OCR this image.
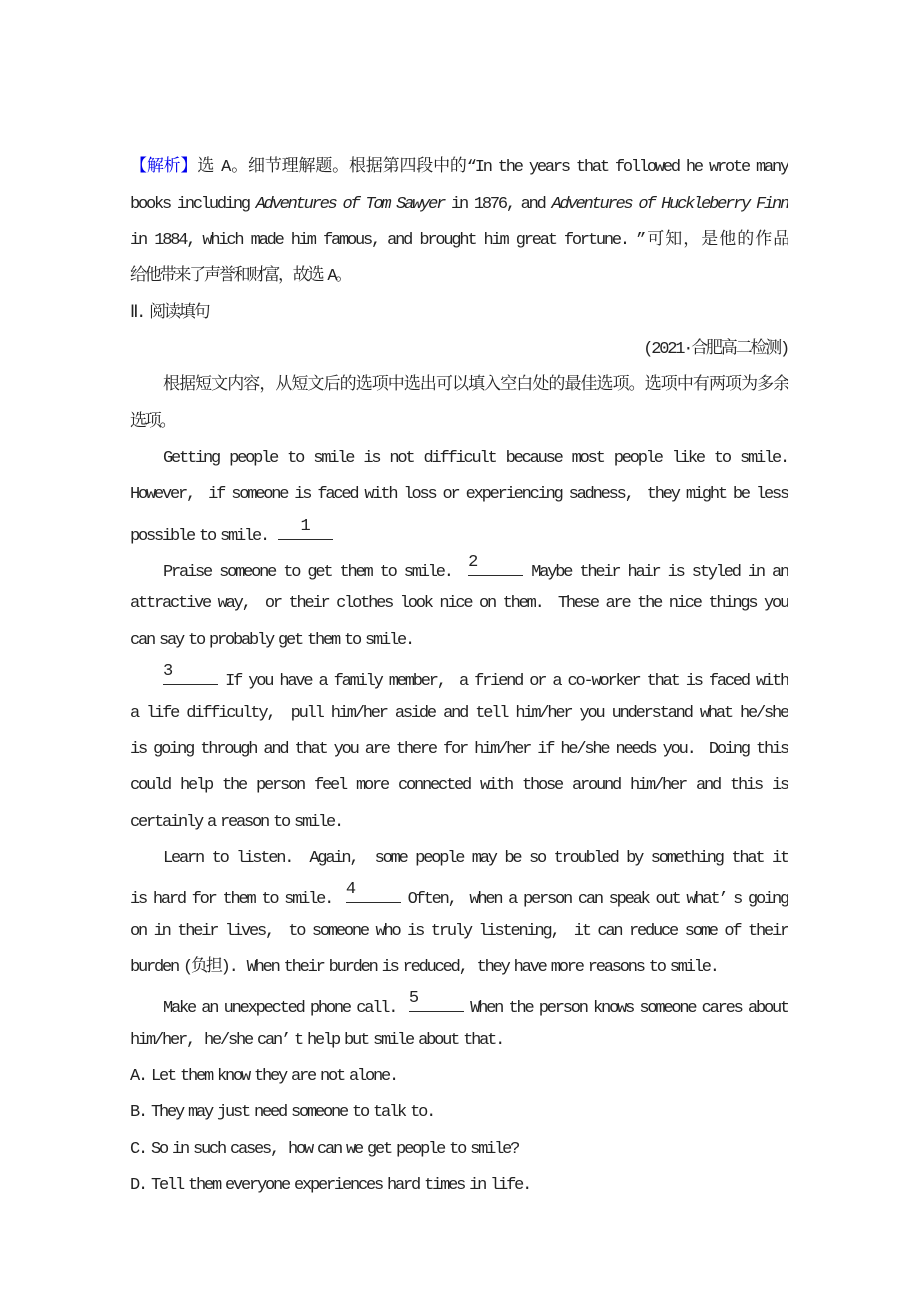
【解析】选 A。细节理解题。根据第四段中的“In the years that followed he wrote many
books including Adventures of Tom Sawyer in 1876, and Adventures of Huckleberry Finn
in 1884, which made him famous, and brought him great fortune. ”可知，是他的作品
给他带来了声誉和财富，故选 A。
Ⅱ. 阅读填句
(2021·合肥高二检测)
根据短文内容，从短文后的选项中选出可以填入空白处的最佳选项。选项中有两项为多余
选项。
Getting people to smile is not difficult because most people like to smile.
However,  if someone is faced with loss or experiencing sadness,  they might be less
possible to smile.  1
Praise someone to get them to smile.  2 Maybe their hair is styled in an
attractive way,  or their clothes look nice on them.  These are the nice things you
can say to probably get them to smile.
3 If you have a family member,  a friend or a co-worker that is faced with
a life difficulty,  pull him/her aside and tell him/her you understand what he/she
is going through and that you are there for him/her if he/she needs you.  Doing this
could help the person feel more connected with those around him/her and this is
certainly a reason to smile.
Learn to listen.  Again,  some people may be so troubled by something that it
is hard for them to smile.  4 Often,  when a person can speak out what’ s going
on in their lives,  to someone who is truly listening,  it can reduce some of their
burden (负担).  When their burden is reduced,  they have more reasons to smile.
Make an unexpected phone call.  5 When the person knows someone cares about
him/her,  he/she can’ t help but smile about that.
A. Let them know they are not alone.
B. They may just need someone to talk to.
C. So in such cases,  how can we get people to smile?
D. Tell them everyone experiences hard times in life.
